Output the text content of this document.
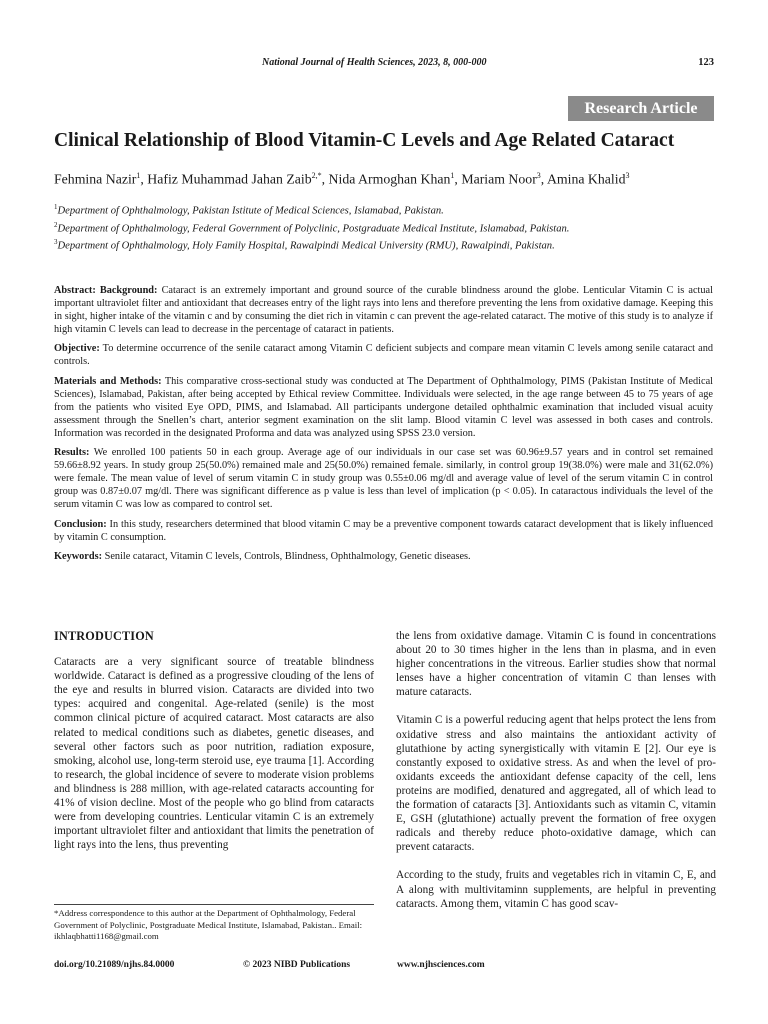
National Journal of Health Sciences, 2023, 8, 000-000	123
Research Article
Clinical Relationship of Blood Vitamin-C Levels and Age Related Cataract
Fehmina Nazir$^1$, Hafiz Muhammad Jahan Zaib$^{2,*}$, Nida Armoghan Khan$^1$, Mariam Noor$^3$, Amina Khalid$^3$
$^1$Department of Ophthalmology, Pakistan Istitute of Medical Sciences, Islamabad, Pakistan.
$^2$Department of Ophthalmology, Federal Government of Polyclinic, Postgraduate Medical Institute, Islamabad, Pakistan.
$^3$Department of Ophthalmology, Holy Family Hospital, Rawalpindi Medical University (RMU), Rawalpindi, Pakistan.

Abstract: Background: Cataract is an extremely important and ground source of the curable blindness around the globe. Lenticular Vitamin C is actual important ultraviolet filter and antioxidant that decreases entry of the light rays into lens and therefore preventing the lens from oxidative damage. Keeping this in sight, higher intake of the vitamin c and by consuming the diet rich in vitamin c can prevent the age-related cataract. The motive of this study is to analyze if high vitamin C levels can lead to decrease in the percentage of cataract in patients.

Objective: To determine occurrence of the senile cataract among Vitamin C deficient subjects and compare mean vitamin C levels among senile cataract and controls.

Materials and Methods: This comparative cross-sectional study was conducted at The Department of Ophthalmology, PIMS (Pakistan Institute of Medical Sciences), Islamabad, Pakistan, after being accepted by Ethical review Committee. Individuals were selected, in the age range between 45 to 75 years of age from the patients who visited Eye OPD, PIMS, and Islamabad. All participants undergone detailed ophthalmic examination that included visual acuity assessment through the Snellen’s chart, anterior segment examination on the slit lamp. Blood vitamin C level was assessed in both cases and controls. Information was recorded in the designated Proforma and data was analyzed using SPSS 23.0 version.

Results: We enrolled 100 patients 50 in each group. Average age of our individuals in our case set was 60.96±9.57 years and in control set remained 59.66±8.92 years. In study group 25(50.0%) remained male and 25(50.0%) remained female. similarly, in control group 19(38.0%) were male and 31(62.0%) were female. The mean value of level of serum vitamin C in study group was 0.55±0.06 mg/dl and average value of level of the serum vitamin C in control group was 0.87±0.07 mg/dl. There was significant difference as p value is less than level of implication (p < 0.05). In cataractous individuals the level of the serum vitamin C was low as compared to control set.

Conclusion: In this study, researchers determined that blood vitamin C may be a preventive component towards cataract development that is likely influenced by vitamin C consumption.

Keywords: Senile cataract, Vitamin C levels, Controls, Blindness, Ophthalmology, Genetic diseases.

INTRODUCTION

Cataracts are a very significant source of treatable blindness worldwide. Cataract is defined as a progressive clouding of the lens of the eye and results in blurred vision. Cataracts are divided into two types: acquired and congenital. Age-related (senile) is the most common clinical picture of acquired cataract. Most cataracts are also related to medical conditions such as diabetes, genetic diseases, and several other factors such as poor nutrition, radiation exposure, smoking, alcohol use, long-term steroid use, eye trauma [1]. According to research, the global incidence of severe to moderate vision problems and blindness is 288 million, with age-related cataracts accounting for 41% of vision decline. Most of the people who go blind from cataracts were from developing countries. Lenticular vitamin C is an extremely important ultraviolet filter and antioxidant that limits the penetration of light rays into the lens, thus preventing

the lens from oxidative damage. Vitamin C is found in concentrations about 20 to 30 times higher in the lens than in plasma, and in even higher concentrations in the vitreous. Earlier studies show that normal lenses have a higher concentration of vitamin C than lenses with mature cataracts.

Vitamin C is a powerful reducing agent that helps protect the lens from oxidative stress and also maintains the antioxidant activity of glutathione by acting synergistically with vitamin E [2]. Our eye is constantly exposed to oxidative stress. As and when the level of pro-oxidants exceeds the antioxidant defense capacity of the cell, lens proteins are modified, denatured and aggregated, all of which lead to the formation of cataracts [3]. Antioxidants such as vitamin C, vitamin E, GSH (glutathione) actually prevent the formation of free oxygen radicals and thereby reduce photo-oxidative damage, which can prevent cataracts.

According to the study, fruits and vegetables rich in vitamin C, E, and A along with multivitaminn supplements, are helpful in preventing cataracts. Among them, vitamin C has good scav-

*Address correspondence to this author at the Department of Ophthalmology, Federal Government of Polyclinic, Postgraduate Medical Institute, Islamabad, Pakistan.. Email: ikhlaqbhatti1168@gmail.com
doi.org/10.21089/njhs.84.0000	© 2023 NIBD Publications	www.njhsciences.com
